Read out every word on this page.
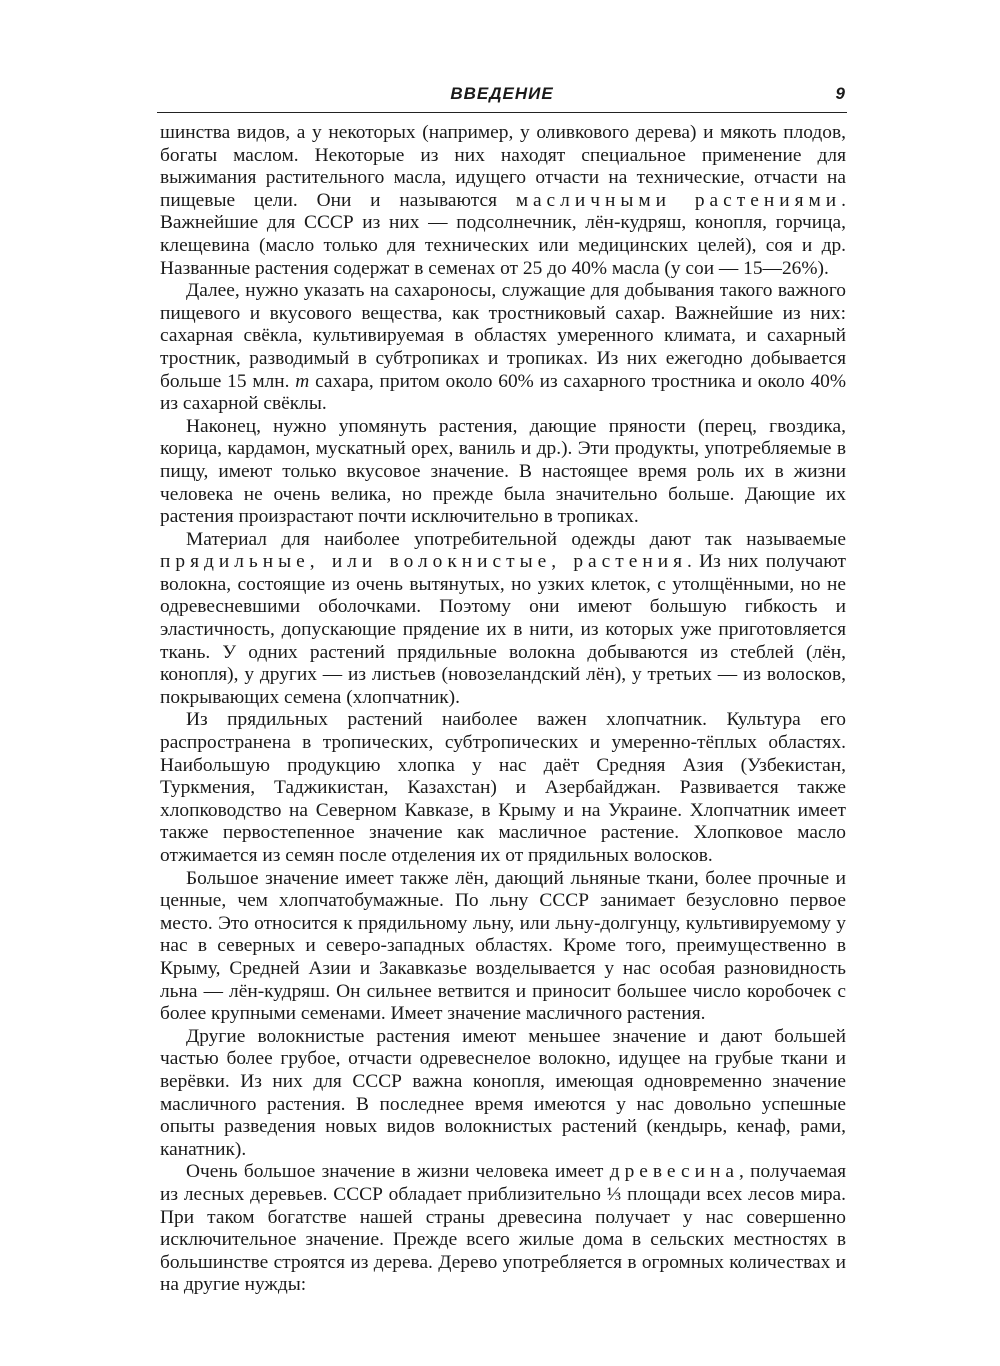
ВВЕДЕНИЕ	9

шинства видов, а у некоторых (например, у оливкового дерева) и мякоть плодов, богаты маслом. Некоторые из них находят специальное применение для выжимания растительного масла, идущего отчасти на технические, отчасти на пищевые цели. Они и называются масличными растениями. Важнейшие для СССР из них — подсолнечник, лён-кудряш, конопля, горчица, клещевина (масло только для технических или медицинских целей), соя и др. Названные растения содержат в семенах от 25 до 40% масла (у сои — 15—26%).

Далее, нужно указать на сахароносы, служащие для добывания такого важного пищевого и вкусового вещества, как тростниковый сахар. Важнейшие из них: сахарная свёкла, культивируемая в областях умеренного климата, и сахарный тростник, разводимый в субтропиках и тропиках. Из них ежегодно добывается больше 15 млн. т сахара, притом около 60% из сахарного тростника и около 40% из сахарной свёклы.

Наконец, нужно упомянуть растения, дающие пряности (перец, гвоздика, корица, кардамон, мускатный орех, ваниль и др.). Эти продукты, употребляемые в пищу, имеют только вкусовое значение. В настоящее время роль их в жизни человека не очень велика, но прежде была значительно больше. Дающие их растения произрастают почти исключительно в тропиках.

Материал для наиболее употребительной одежды дают так называемые прядильные, или волокнистые, растения. Из них получают волокна, состоящие из очень вытянутых, но узких клеток, с утолщёнными, но не одревесневшими оболочками. Поэтому они имеют большую гибкость и эластичность, допускающие прядение их в нити, из которых уже приготовляется ткань. У одних растений прядильные волокна добываются из стеблей (лён, конопля), у других — из листьев (новозеландский лён), у третьих — из волосков, покрывающих семена (хлопчатник).

Из прядильных растений наиболее важен хлопчатник. Культура его распространена в тропических, субтропических и умеренно-тёплых областях. Наибольшую продукцию хлопка у нас даёт Средняя Азия (Узбекистан, Туркмения, Таджикистан, Казахстан) и Азербайджан. Развивается также хлопководство на Северном Кавказе, в Крыму и на Украине. Хлопчатник имеет также первостепенное значение как масличное растение. Хлопковое масло отжимается из семян после отделения их от прядильных волосков.

Большое значение имеет также лён, дающий льняные ткани, более прочные и ценные, чем хлопчатобумажные. По льну СССР занимает безусловно первое место. Это относится к прядильному льну, или льну-долгунцу, культивируемому у нас в северных и северо-западных областях. Кроме того, преимущественно в Крыму, Средней Азии и Закавказье возделывается у нас особая разновидность льна — лён-кудряш. Он сильнее ветвится и приносит большее число коробочек с более крупными семенами. Имеет значение масличного растения.

Другие волокнистые растения имеют меньшее значение и дают большей частью более грубое, отчасти одревеснелое волокно, идущее на грубые ткани и верёвки. Из них для СССР важна конопля, имеющая одновременно значение масличного растения. В последнее время имеются у нас довольно успешные опыты разведения новых видов волокнистых растений (кендырь, кенаф, рами, канатник).

Очень большое значение в жизни человека имеет древесина, получаемая из лесных деревьев. СССР обладает приблизительно ⅓ площади всех лесов мира. При таком богатстве нашей страны древесина получает у нас совершенно исключительное значение. Прежде всего жилые дома в сельских местностях в большинстве строятся из дерева. Дерево употребляется в огромных количествах и на другие нужды:
